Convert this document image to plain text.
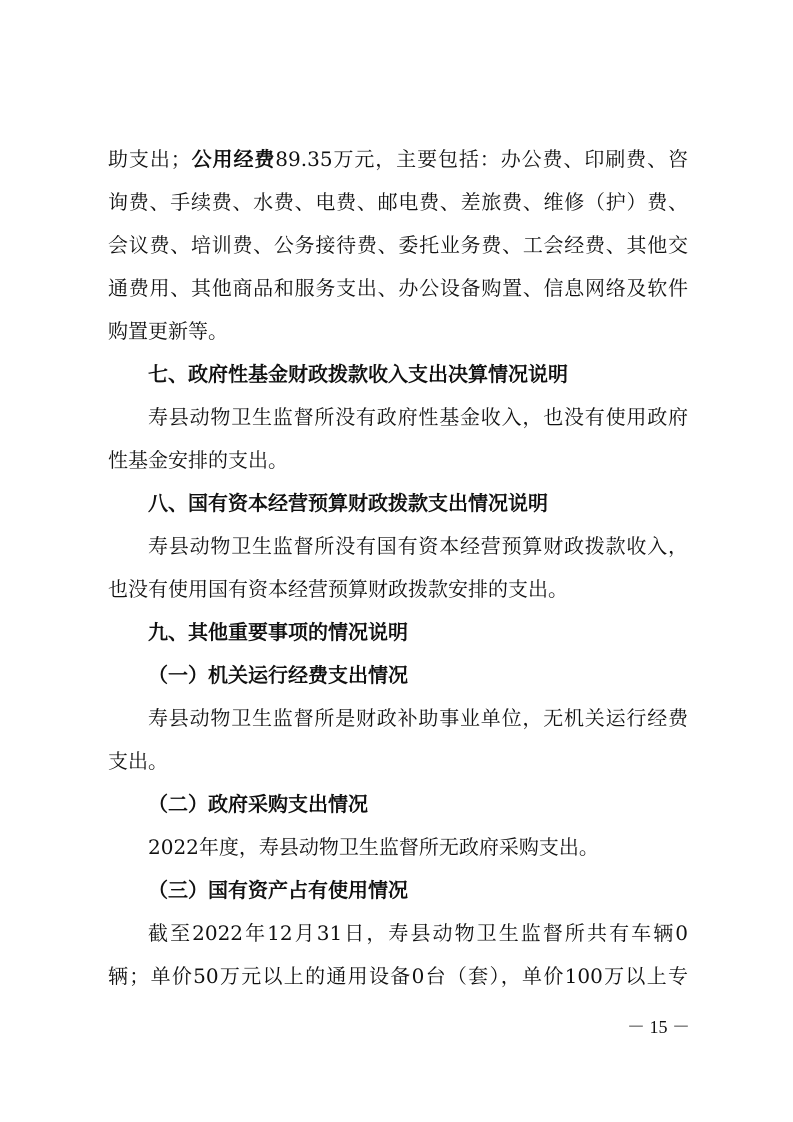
助支出；公用经费89.35万元，主要包括：办公费、印刷费、咨
询费、手续费、水费、电费、邮电费、差旅费、维修（护）费、
会议费、培训费、公务接待费、委托业务费、工会经费、其他交
通费用、其他商品和服务支出、办公设备购置、信息网络及软件
购置更新等。
七、政府性基金财政拨款收入支出决算情况说明
寿县动物卫生监督所没有政府性基金收入，也没有使用政府
性基金安排的支出。
八、国有资本经营预算财政拨款支出情况说明
寿县动物卫生监督所没有国有资本经营预算财政拨款收入，
也没有使用国有资本经营预算财政拨款安排的支出。
九、其他重要事项的情况说明
（一）机关运行经费支出情况
寿县动物卫生监督所是财政补助事业单位，无机关运行经费
支出。
（二）政府采购支出情况
2022年度，寿县动物卫生监督所无政府采购支出。
（三）国有资产占有使用情况
截至2022年12月31日，寿县动物卫生监督所共有车辆0
辆；单价50万元以上的通用设备0台（套），单价100万以上专
－ 15 －
